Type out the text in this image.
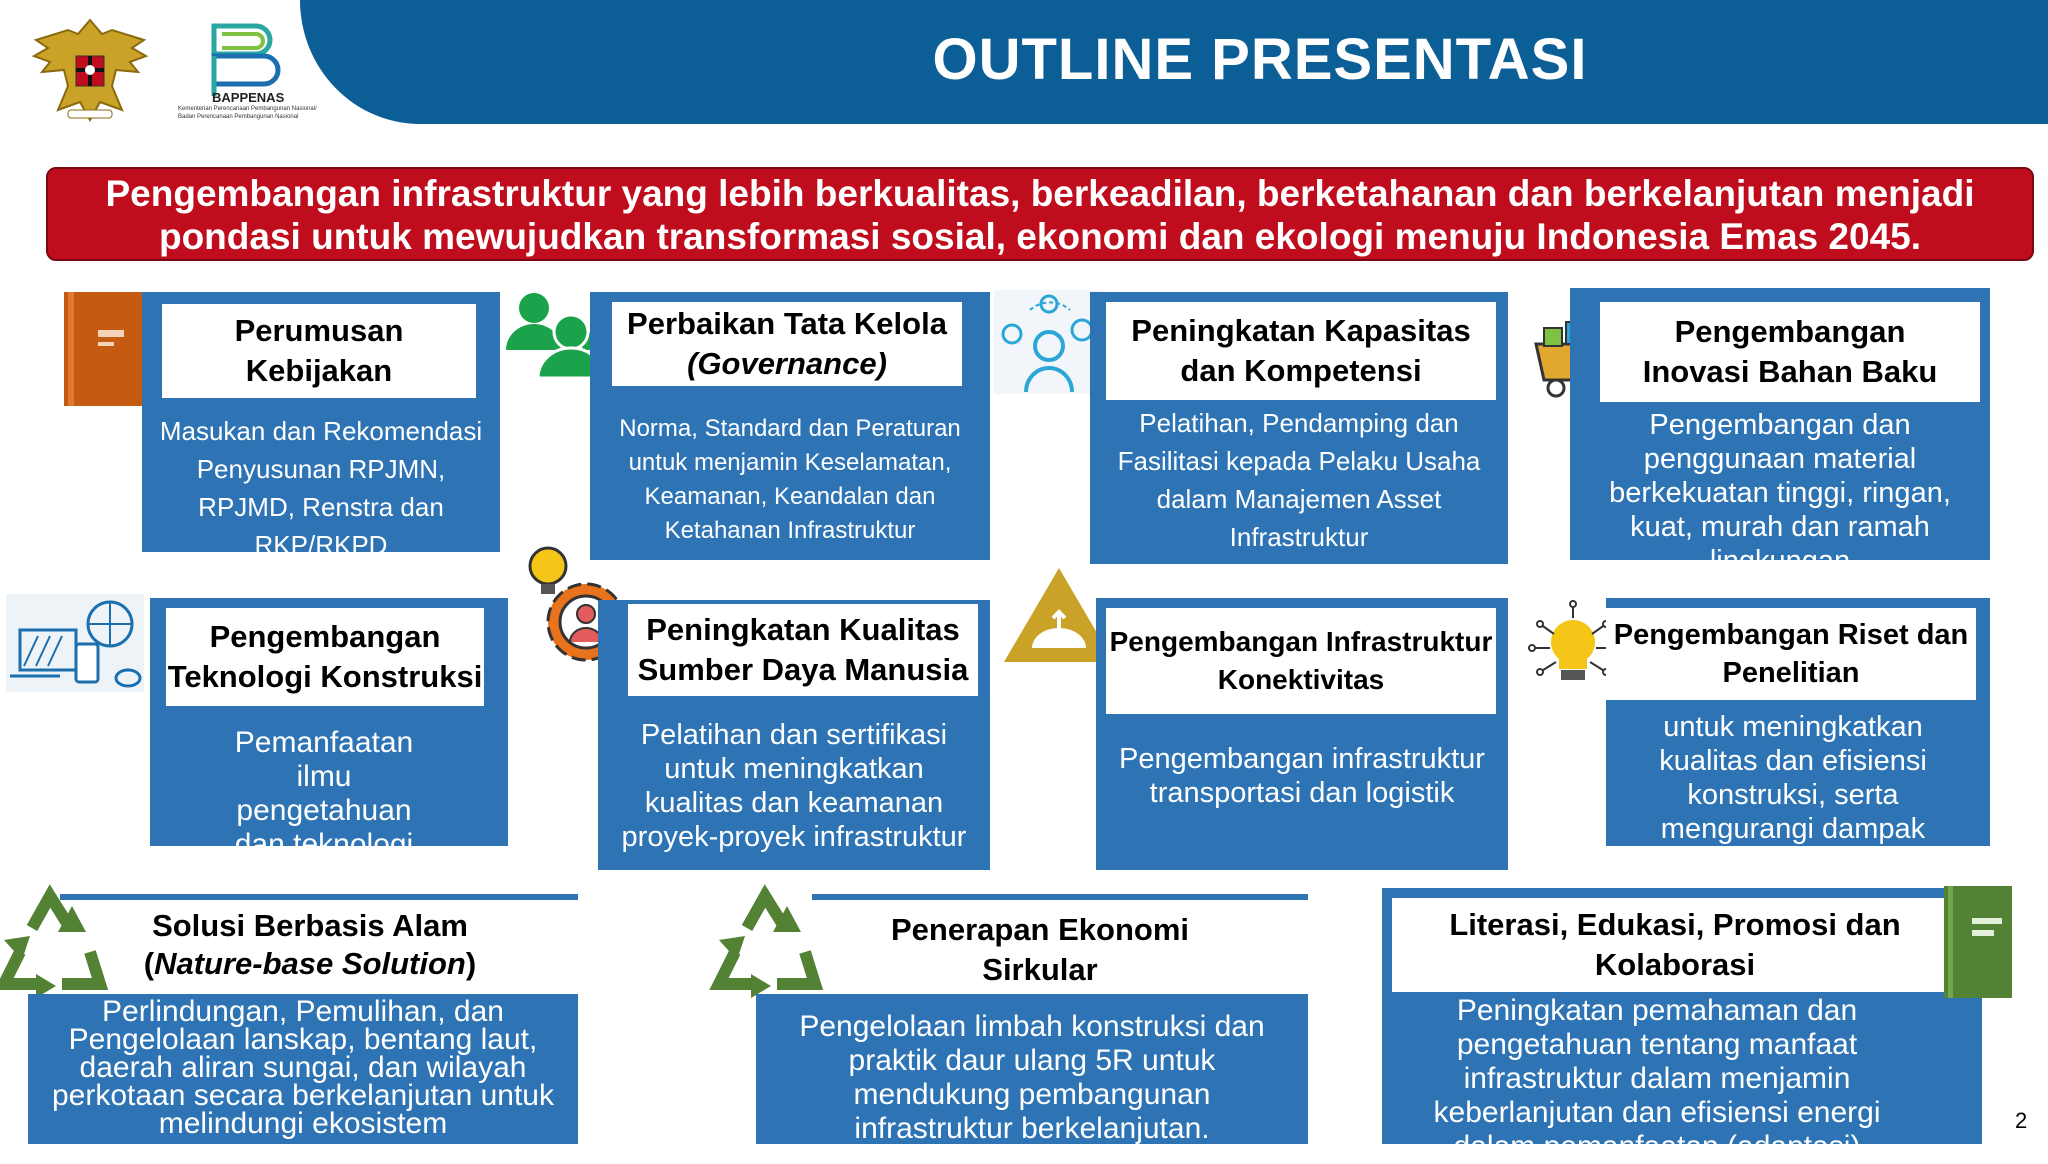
OUTLINE PRESENTASI
BAPPENAS
Kementerian Perencanaan Pembangunan Nasional/ Badan Perencanaan Pembangunan Nasional
Pengembangan infrastruktur yang lebih berkualitas, berkeadilan, berketahanan dan berkelanjutan menjadi
pondasi untuk mewujudkan transformasi sosial, ekonomi dan ekologi menuju Indonesia Emas 2045.
Perumusan
Kebijakan
Masukan dan Rekomendasi Penyusunan RPJMN, RPJMD, Renstra dan RKP/RKPD
Perbaikan Tata Kelola
(Governance)
Norma, Standard dan Peraturan untuk menjamin Keselamatan, Keamanan, Keandalan dan Ketahanan Infrastruktur
Peningkatan Kapasitas
dan Kompetensi
Pelatihan, Pendamping dan Fasilitasi kepada Pelaku Usaha dalam Manajemen Asset Infrastruktur
Pengembangan
Inovasi Bahan Baku
Pengembangan dan penggunaan material berkekuatan tinggi, ringan, kuat, murah dan ramah lingkungan
Pengembangan
Teknologi Konstruksi
Pemanfaatan ilmu pengetahuan dan teknologi
Peningkatan Kualitas
Sumber Daya Manusia
Pelatihan dan sertifikasi untuk meningkatkan kualitas dan keamanan proyek-proyek infrastruktur
Pengembangan Infrastruktur
Konektivitas
Pengembangan infrastruktur transportasi dan logistik
Pengembangan Riset dan
Penelitian
untuk meningkatkan kualitas dan efisiensi konstruksi, serta mengurangi dampak lingkungan
Solusi Berbasis Alam
(Nature-base Solution)
Perlindungan, Pemulihan, dan Pengelolaan lanskap, bentang laut, daerah aliran sungai, dan wilayah perkotaan secara berkelanjutan untuk melindungi ekosistem
Penerapan Ekonomi
Sirkular
Pengelolaan limbah konstruksi dan praktik daur ulang 5R untuk mendukung pembangunan infrastruktur berkelanjutan.
Literasi, Edukasi, Promosi dan
Kolaborasi
Peningkatan pemahaman dan pengetahuan tentang manfaat infrastruktur dalam menjamin keberlanjutan dan efisiensi energi dalam pemanfaatan (adaptasi)
2
